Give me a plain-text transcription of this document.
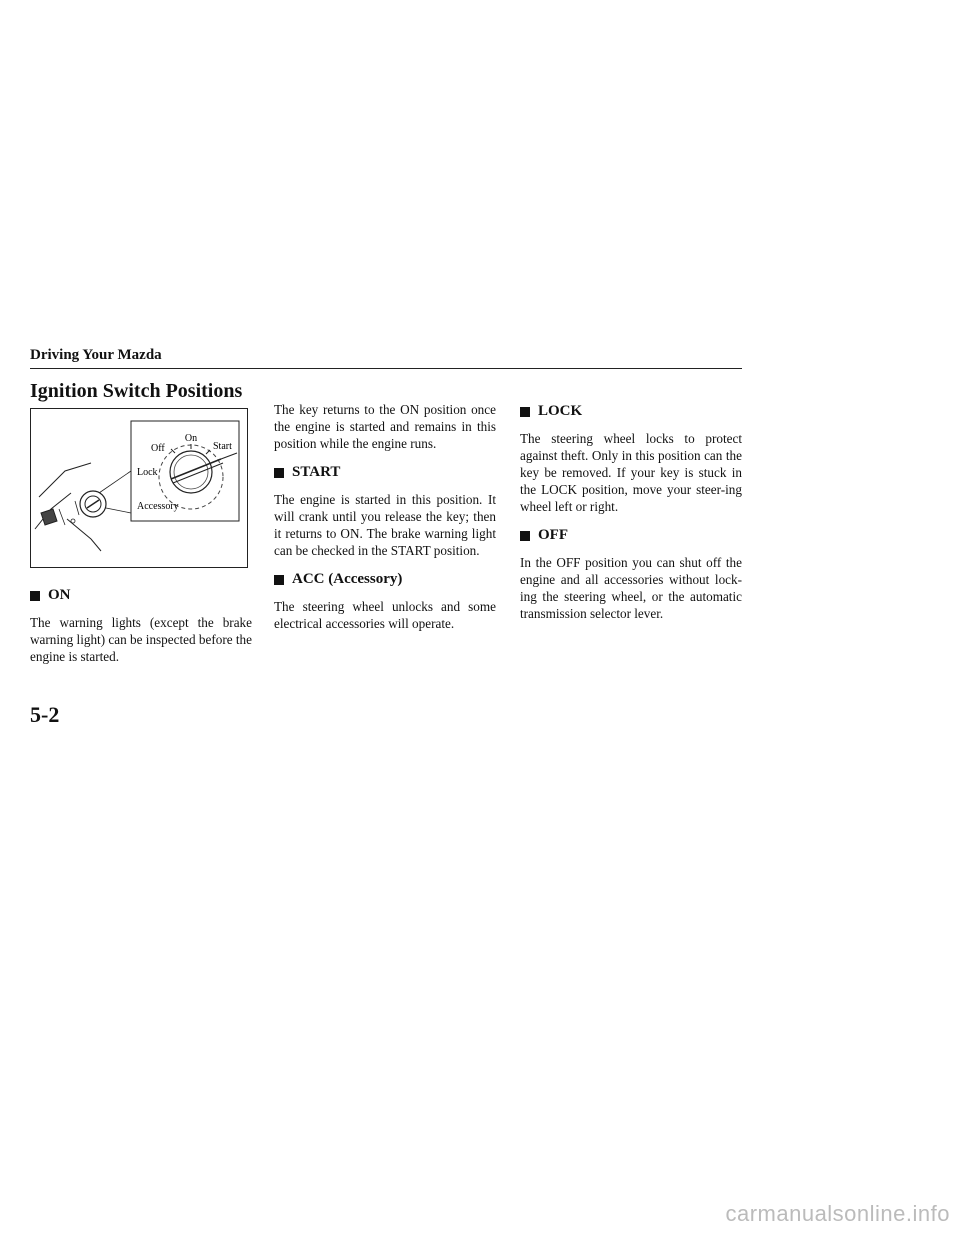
Driving Your Mazda
Ignition Switch Positions
On
Off	Start
Lock
Accessory
ON

The warning lights (except the brake warning light) can be inspected before the engine is started.

The key returns to the ON position once the engine is started and remains in this position while the engine runs.

START

The engine is started in this position. It will crank until you release the key; then it returns to ON. The brake warning light can be checked in the START position.

ACC (Accessory)

The steering wheel unlocks and some electrical accessories will operate.

LOCK

The steering wheel locks to protect against theft. Only in this position can the key be removed. If your key is stuck in the LOCK position, move your steer-ing wheel left or right.

OFF

In the OFF position you can shut off the engine and all accessories without lock-ing the steering wheel, or the automatic transmission selector lever.

5-2
carmanualsonline.info
